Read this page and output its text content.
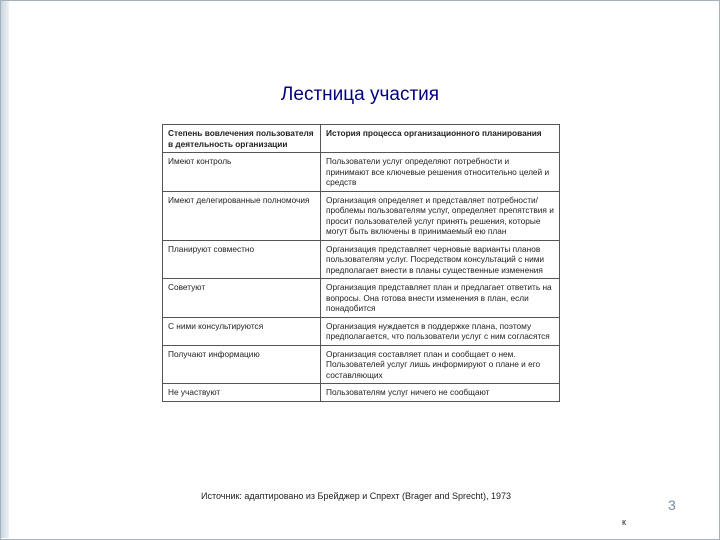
Лестница участия
Степень вовлечения пользователя в деятельность организации	История процесса организационного планирования
Имеют контроль	Пользователи услуг определяют потребности и принимают все ключевые решения относительно целей и средств
Имеют делегированные полномочия	Организация определяет и представляет потребности/проблемы пользователям услуг, определяет препятствия и просит пользователей услуг принять решения, которые могут быть включены в принимаемый ею план
Планируют совместно	Организация представляет черновые варианты планов пользователям услуг. Посредством консультаций с ними предполагает внести в планы существенные изменения
Советуют	Организация представляет план и предлагает ответить на вопросы. Она готова внести изменения в план, если понадобится
С ними консультируются	Организация нуждается в поддержке плана, поэтому предполагается, что пользователи услуг с ним согласятся
Получают информацию	Организация составляет план и сообщает о нем. Пользователей услуг лишь информируют о плане и его составляющих
Не участвуют	Пользователям услуг ничего не сообщают
Источник: адаптировано из Брейджер и Спрехт (Brager and Sprecht), 1973
3
к
